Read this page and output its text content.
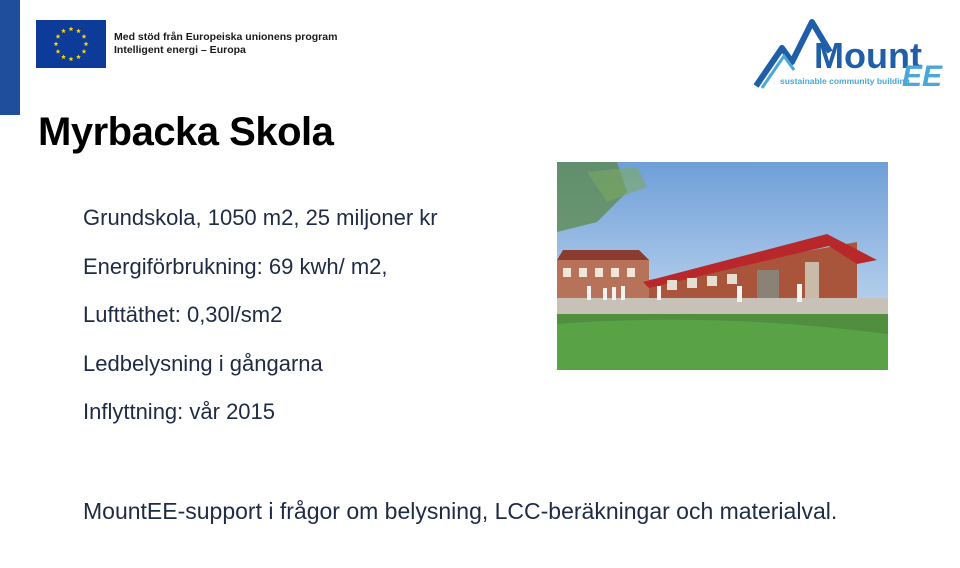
Med stöd från Europeiska unionens program
Intelligent energi – Europa	Mount
EE
sustainable community building
Myrbacka Skola
Grundskola, 1050 m2, 25 miljoner kr
Energiförbrukning: 69 kwh/ m2,
Lufttäthet: 0,30l/sm2
Ledbelysning i gångarna
Inflyttning: vår 2015
MountEE-support i frågor om belysning, LCC-beräkningar och materialval.
